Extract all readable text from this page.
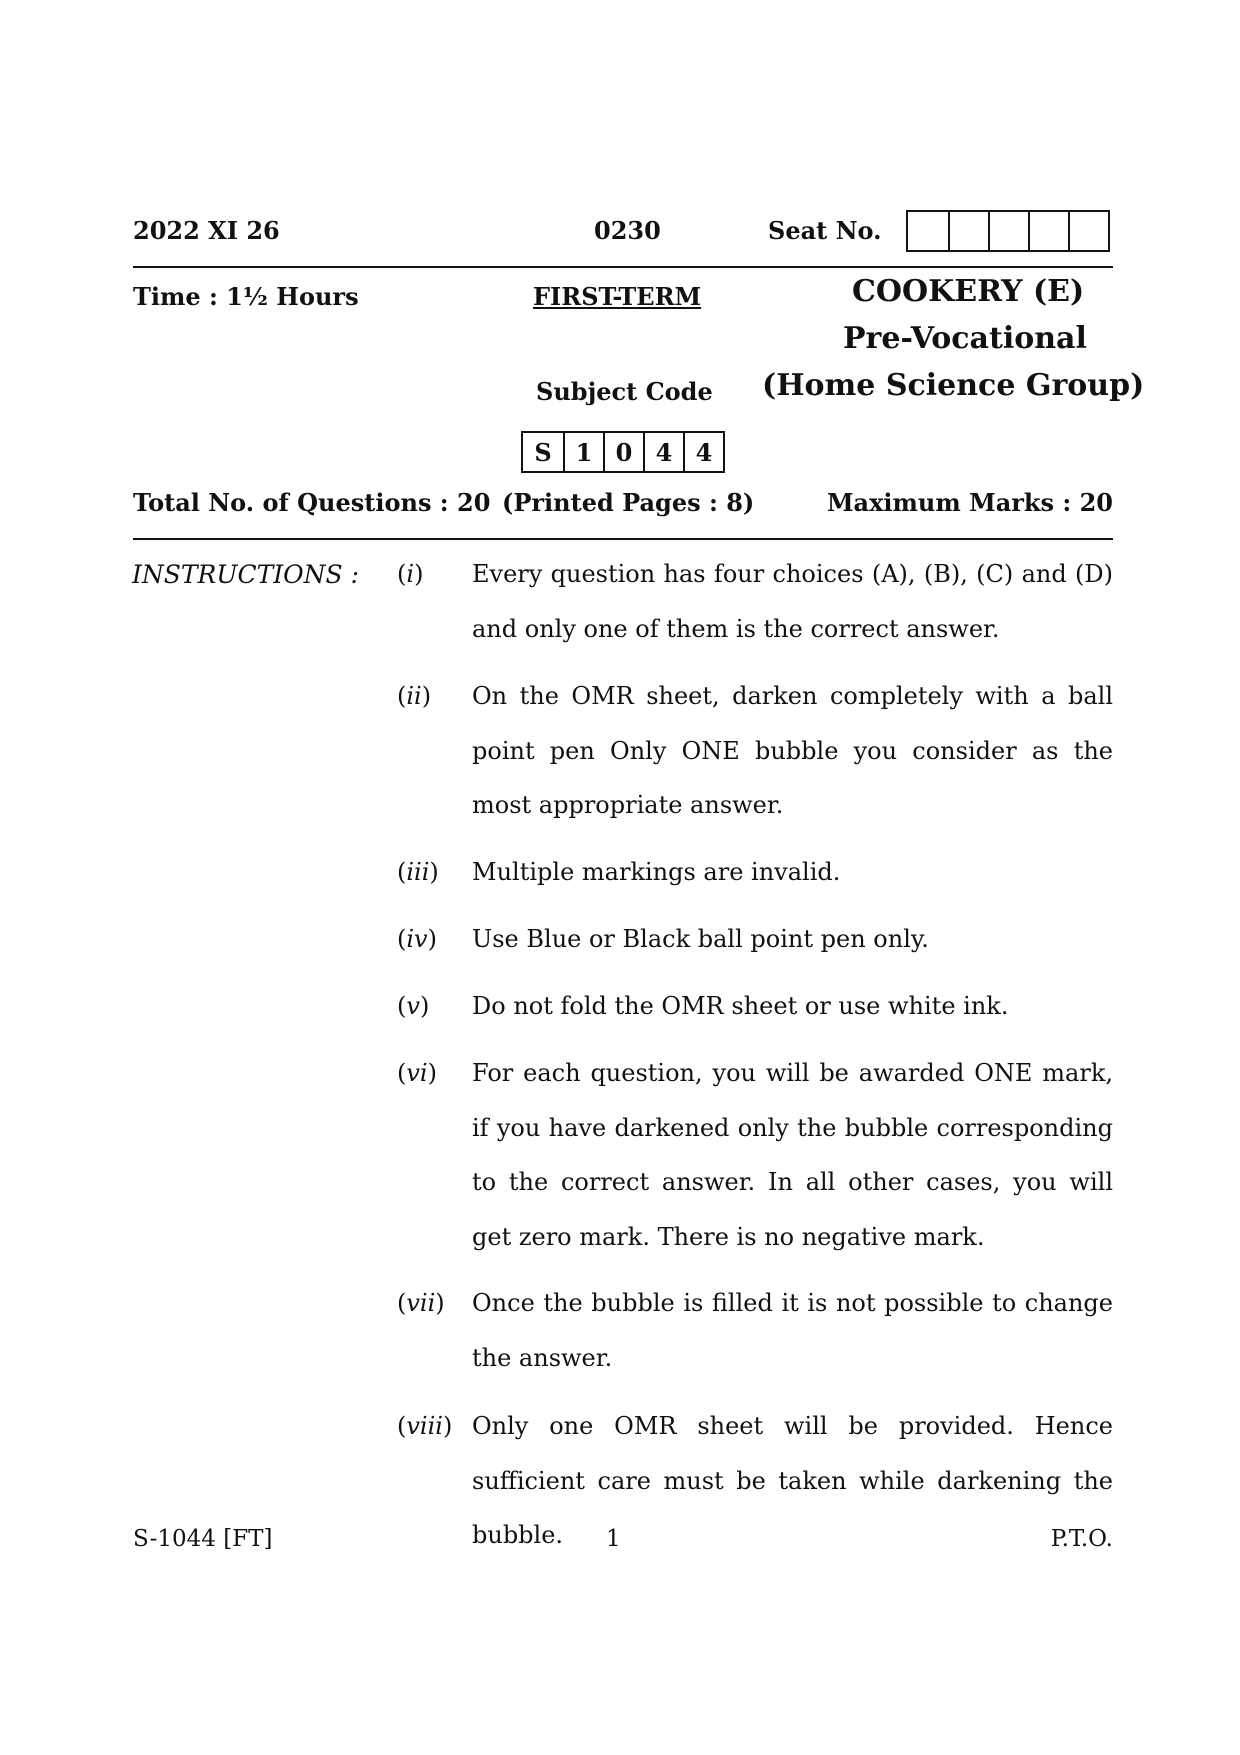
2022 XI 26	0230	Seat No.
Time : 1½ Hours	FIRST-TERM	COOKERY (E)
Pre-Vocational
(Home Science Group)
Subject Code
S 1 0 4 4
Total No. of Questions : 20 (Printed Pages : 8)	Maximum Marks : 20
INSTRUCTIONS : (i) Every question has four choices (A), (B), (C) and (D) and only one of them is the correct answer.
(ii) On the OMR sheet, darken completely with a ball point pen Only ONE bubble you consider as the most appropriate answer.
(iii) Multiple markings are invalid.
(iv) Use Blue or Black ball point pen only.
(v) Do not fold the OMR sheet or use white ink.
(vi) For each question, you will be awarded ONE mark, if you have darkened only the bubble corresponding to the correct answer. In all other cases, you will get zero mark. There is no negative mark.
(vii) Once the bubble is filled it is not possible to change the answer.
(viii) Only one OMR sheet will be provided. Hence sufficient care must be taken while darkening the bubble.
S-1044 [FT]	1	P.T.O.
